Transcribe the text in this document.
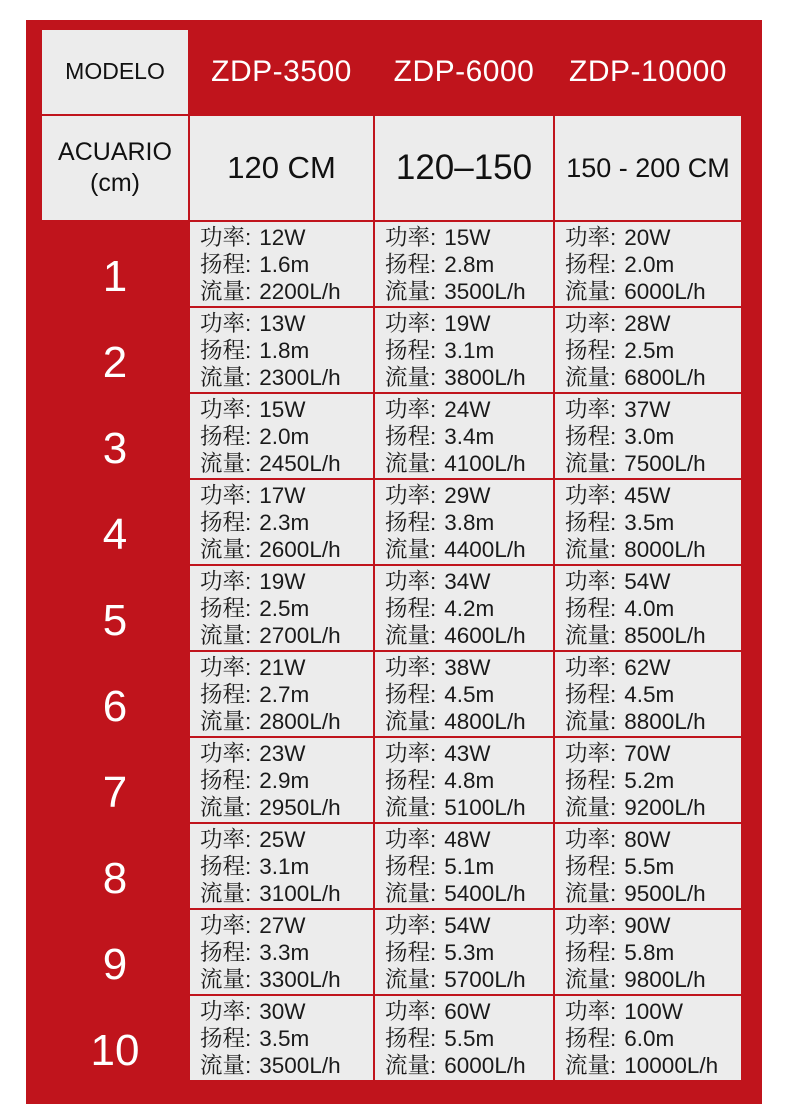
MODELO	ZDP-3500	ZDP-6000	ZDP-10000

ACUARIO
(cm)	120 CM	120–150	150 - 200 CM
1	功率: 12W
扬程: 1.6m
流量: 2200L/h	功率: 15W
扬程: 2.8m
流量: 3500L/h	功率: 20W
扬程: 2.0m
流量: 6000L/h

2	功率: 13W
扬程: 1.8m
流量: 2300L/h	功率: 19W
扬程: 3.1m
流量: 3800L/h	功率: 28W
扬程: 2.5m
流量: 6800L/h

3	功率: 15W
扬程: 2.0m
流量: 2450L/h	功率: 24W
扬程: 3.4m
流量: 4100L/h	功率: 37W
扬程: 3.0m
流量: 7500L/h

4	功率: 17W
扬程: 2.3m
流量: 2600L/h	功率: 29W
扬程: 3.8m
流量: 4400L/h	功率: 45W
扬程: 3.5m
流量: 8000L/h

5	功率: 19W
扬程: 2.5m
流量: 2700L/h	功率: 34W
扬程: 4.2m
流量: 4600L/h	功率: 54W
扬程: 4.0m
流量: 8500L/h

6	功率: 21W
扬程: 2.7m
流量: 2800L/h	功率: 38W
扬程: 4.5m
流量: 4800L/h	功率: 62W
扬程: 4.5m
流量: 8800L/h

7	功率: 23W
扬程: 2.9m
流量: 2950L/h	功率: 43W
扬程: 4.8m
流量: 5100L/h	功率: 70W
扬程: 5.2m
流量: 9200L/h

8	功率: 25W
扬程: 3.1m
流量: 3100L/h	功率: 48W
扬程: 5.1m
流量: 5400L/h	功率: 80W
扬程: 5.5m
流量: 9500L/h

9	功率: 27W
扬程: 3.3m
流量: 3300L/h	功率: 54W
扬程: 5.3m
流量: 5700L/h	功率: 90W
扬程: 5.8m
流量: 9800L/h

10	功率: 30W
扬程: 3.5m
流量: 3500L/h	功率: 60W
扬程: 5.5m
流量: 6000L/h	功率: 100W
扬程: 6.0m
流量: 10000L/h
